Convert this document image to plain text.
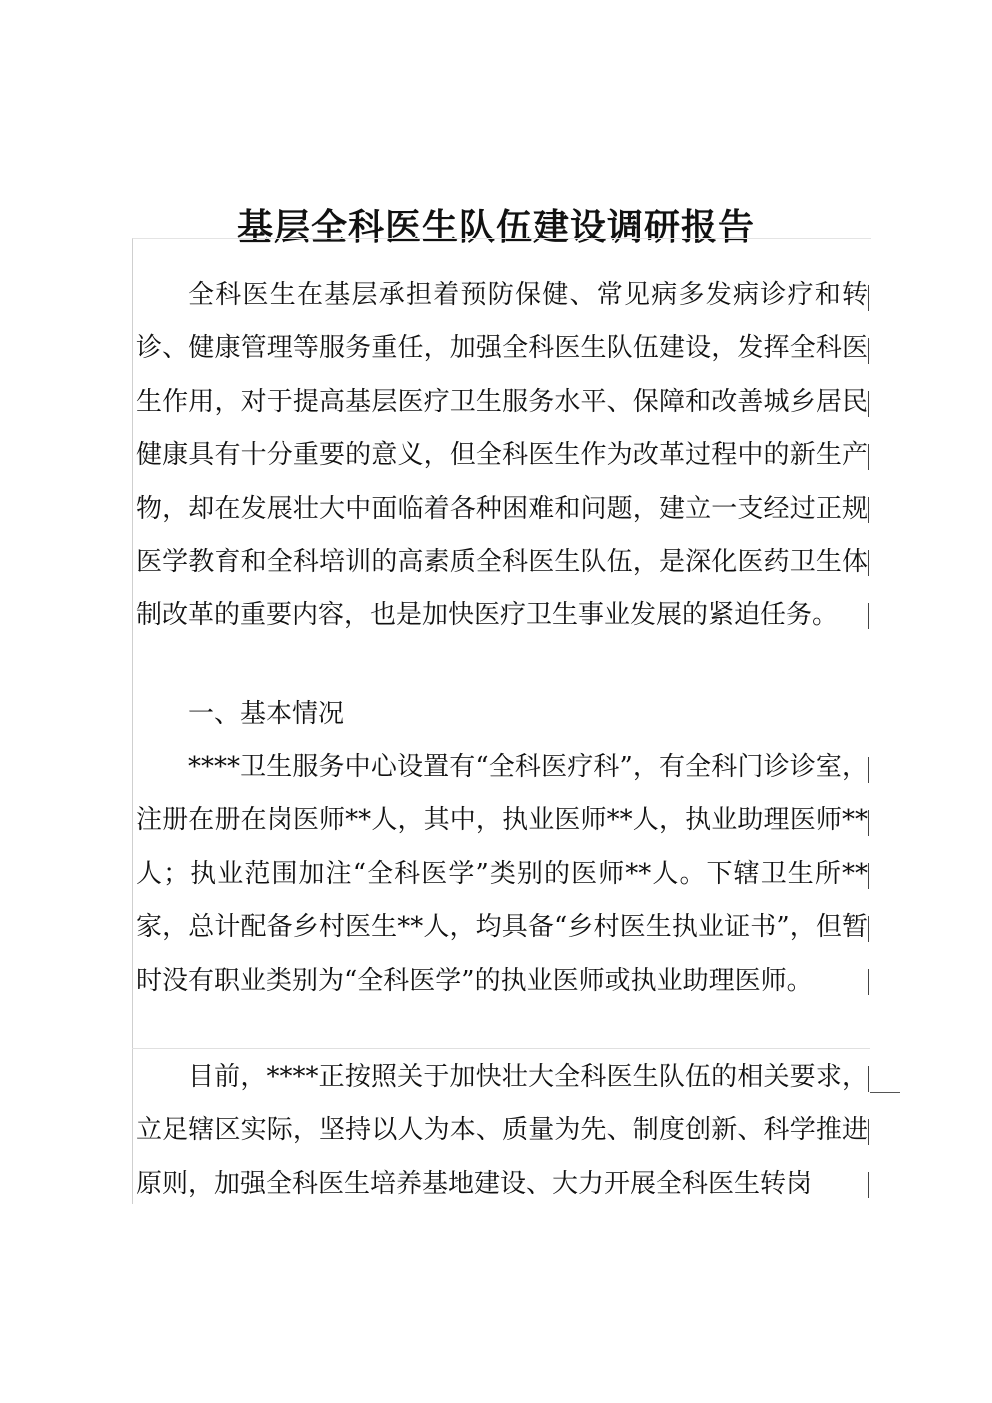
基层全科医生队伍建设调研报告

全科医生在基层承担着预防保健、常见病多发病诊疗和转诊、健康管理等服务重任，加强全科医生队伍建设，发挥全科医生作用，对于提高基层医疗卫生服务水平、保障和改善城乡居民健康具有十分重要的意义，但全科医生作为改革过程中的新生产物，却在发展壮大中面临着各种困难和问题，建立一支经过正规医学教育和全科培训的高素质全科医生队伍，是深化医药卫生体制改革的重要内容，也是加快医疗卫生事业发展的紧迫任务。

一、基本情况

****卫生服务中心设置有“全科医疗科”，有全科门诊诊室，注册在册在岗医师**人，其中，执业医师**人，执业助理医师**人；执业范围加注“全科医学”类别的医师**人。下辖卫生所**家，总计配备乡村医生**人，均具备“乡村医生执业证书”，但暂时没有职业类别为“全科医学”的执业医师或执业助理医师。

目前，****正按照关于加快壮大全科医生队伍的相关要求，立足辖区实际，坚持以人为本、质量为先、制度创新、科学推进原则，加强全科医生培养基地建设、大力开展全科医生转岗
